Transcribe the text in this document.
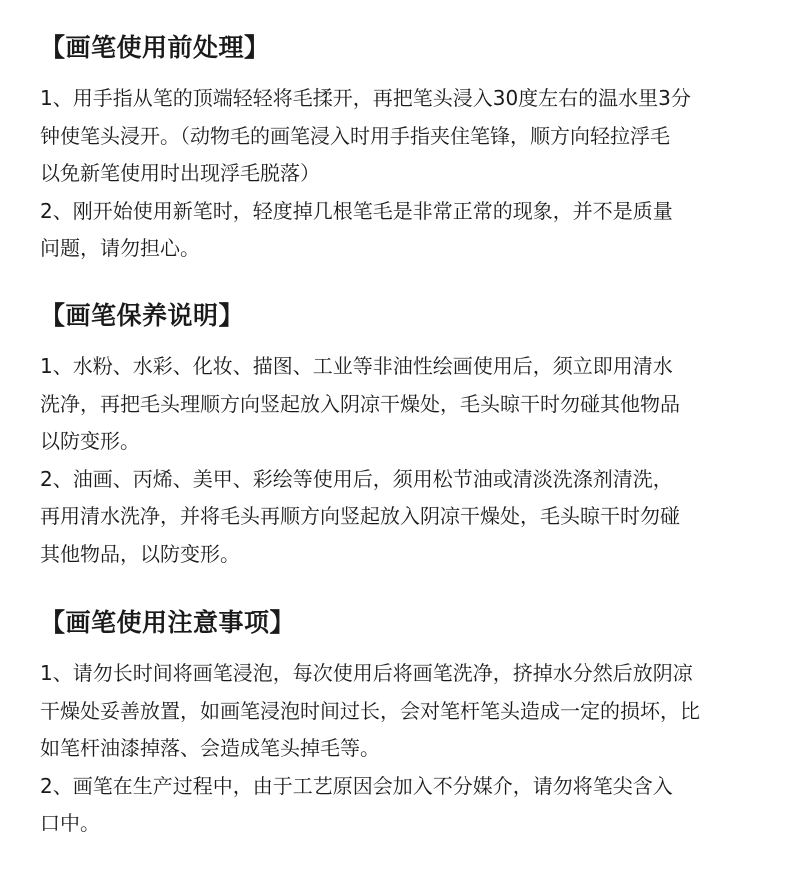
【画笔使用前处理】

1、用手指从笔的顶端轻轻将毛揉开，再把笔头浸入30度左右的温水里3分
钟使笔头浸开。（动物毛的画笔浸入时用手指夹住笔锋，顺方向轻拉浮毛
以免新笔使用时出现浮毛脱落）

2、刚开始使用新笔时，轻度掉几根笔毛是非常正常的现象，并不是质量
问题，请勿担心。

【画笔保养说明】

1、水粉、水彩、化妆、描图、工业等非油性绘画使用后，须立即用清水
洗净，再把毛头理顺方向竖起放入阴凉干燥处，毛头晾干时勿碰其他物品
以防变形。

2、油画、丙烯、美甲、彩绘等使用后，须用松节油或清淡洗涤剂清洗，
再用清水洗净，并将毛头再顺方向竖起放入阴凉干燥处，毛头晾干时勿碰
其他物品，以防变形。

【画笔使用注意事项】

1、请勿长时间将画笔浸泡，每次使用后将画笔洗净，挤掉水分然后放阴凉
干燥处妥善放置，如画笔浸泡时间过长，会对笔杆笔头造成一定的损坏，比
如笔杆油漆掉落、会造成笔头掉毛等。

2、画笔在生产过程中，由于工艺原因会加入不分媒介，请勿将笔尖含入
口中。
